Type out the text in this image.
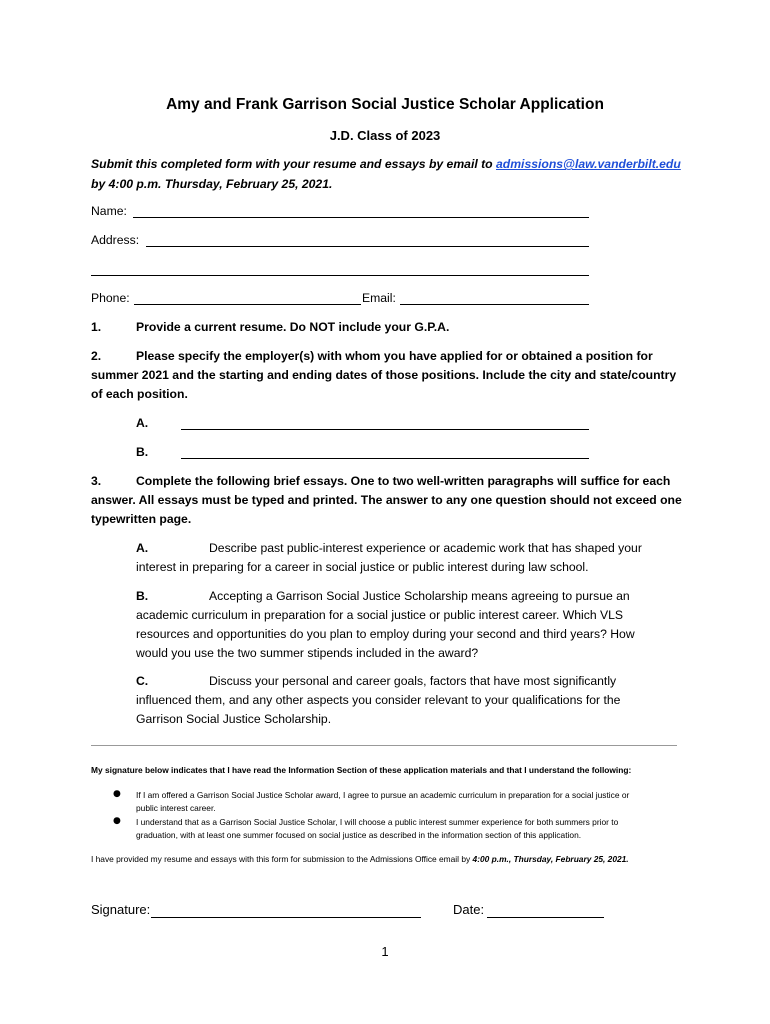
Amy and Frank Garrison Social Justice Scholar Application
J.D. Class of 2023
Submit this completed form with your resume and essays by email to admissions@law.vanderbilt.edu
by 4:00 p.m. Thursday, February 25, 2021.
Name:
Address:
Phone:	Email:
1.	Provide a current resume. Do NOT include your G.P.A.
2.	Please specify the employer(s) with whom you have applied for or obtained a position for
summer 2021 and the starting and ending dates of those positions. Include the city and state/country
of each position.
A.
B.
3.	Complete the following brief essays. One to two well-written paragraphs will suffice for each
answer. All essays must be typed and printed. The answer to any one question should not exceed one
typewritten page.
A.	Describe past public-interest experience or academic work that has shaped your
interest in preparing for a career in social justice or public interest during law school.
B.	Accepting a Garrison Social Justice Scholarship means agreeing to pursue an
academic curriculum in preparation for a social justice or public interest career. Which VLS
resources and opportunities do you plan to employ during your second and third years? How
would you use the two summer stipends included in the award?
C.	Discuss your personal and career goals, factors that have most significantly
influenced them, and any other aspects you consider relevant to your qualifications for the
Garrison Social Justice Scholarship.
My signature below indicates that I have read the Information Section of these application materials and that I understand the following:
● If I am offered a Garrison Social Justice Scholar award, I agree to pursue an academic curriculum in preparation for a social justice or
public interest career.
● I understand that as a Garrison Social Justice Scholar, I will choose a public interest summer experience for both summers prior to
graduation, with at least one summer focused on social justice as described in the information section of this application.
I have provided my resume and essays with this form for submission to the Admissions Office email by 4:00 p.m., Thursday, February 25, 2021.
Signature:	Date:
1
